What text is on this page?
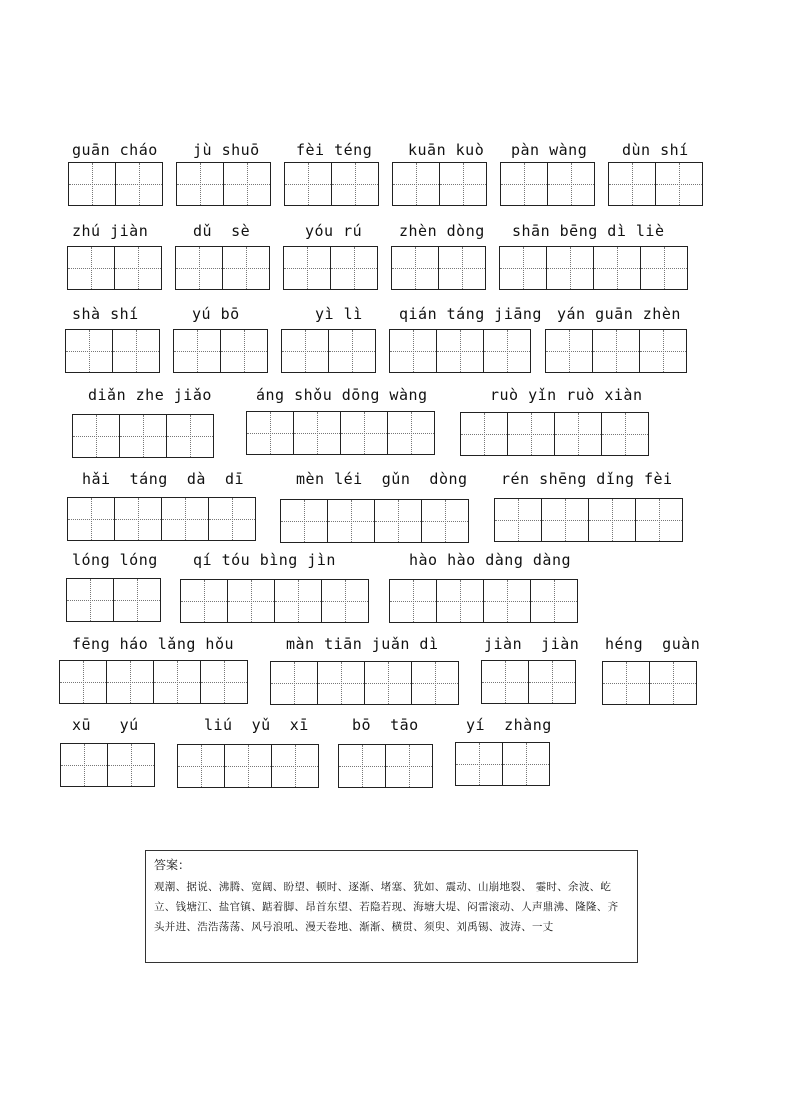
guān cháo jù shuō fèi téng kuān kuò pàn wàng dùn shí
zhú jiàn	dǔ  sè	yóu rú zhèn dòng shān bēng dì liè
shà shí	yú bō	yì lì qián táng jiāng yán guān zhèn
diǎn zhe jiǎo	áng shǒu dōng wàng	ruò yǐn ruò xiàn
hǎi  táng  dà  dī	mèn léi  gǔn  dòng rén shēng dǐng fèi
lóng lóng qí tóu bìng jìn	hào hào dàng dàng
fēng háo lǎng hǒu	màn tiān juǎn dì	jiàn  jiàn héng  guàn
xū   yú	liú  yǔ  xī	bō  tāo	yí  zhàng
答案：
观潮、据说、沸腾、宽阔、盼望、顿时、逐渐、堵塞、犹如、震动、山崩地裂、 霎时、余波、屹立、钱塘江、盐官镇、踮着脚、昂首东望、若隐若现、海塘大堤、闷雷滚动、人声鼎沸、隆隆、齐头并进、浩浩荡荡、风号浪吼、漫天卷地、渐渐、横贯、须臾、刘禹锡、波涛、一丈
